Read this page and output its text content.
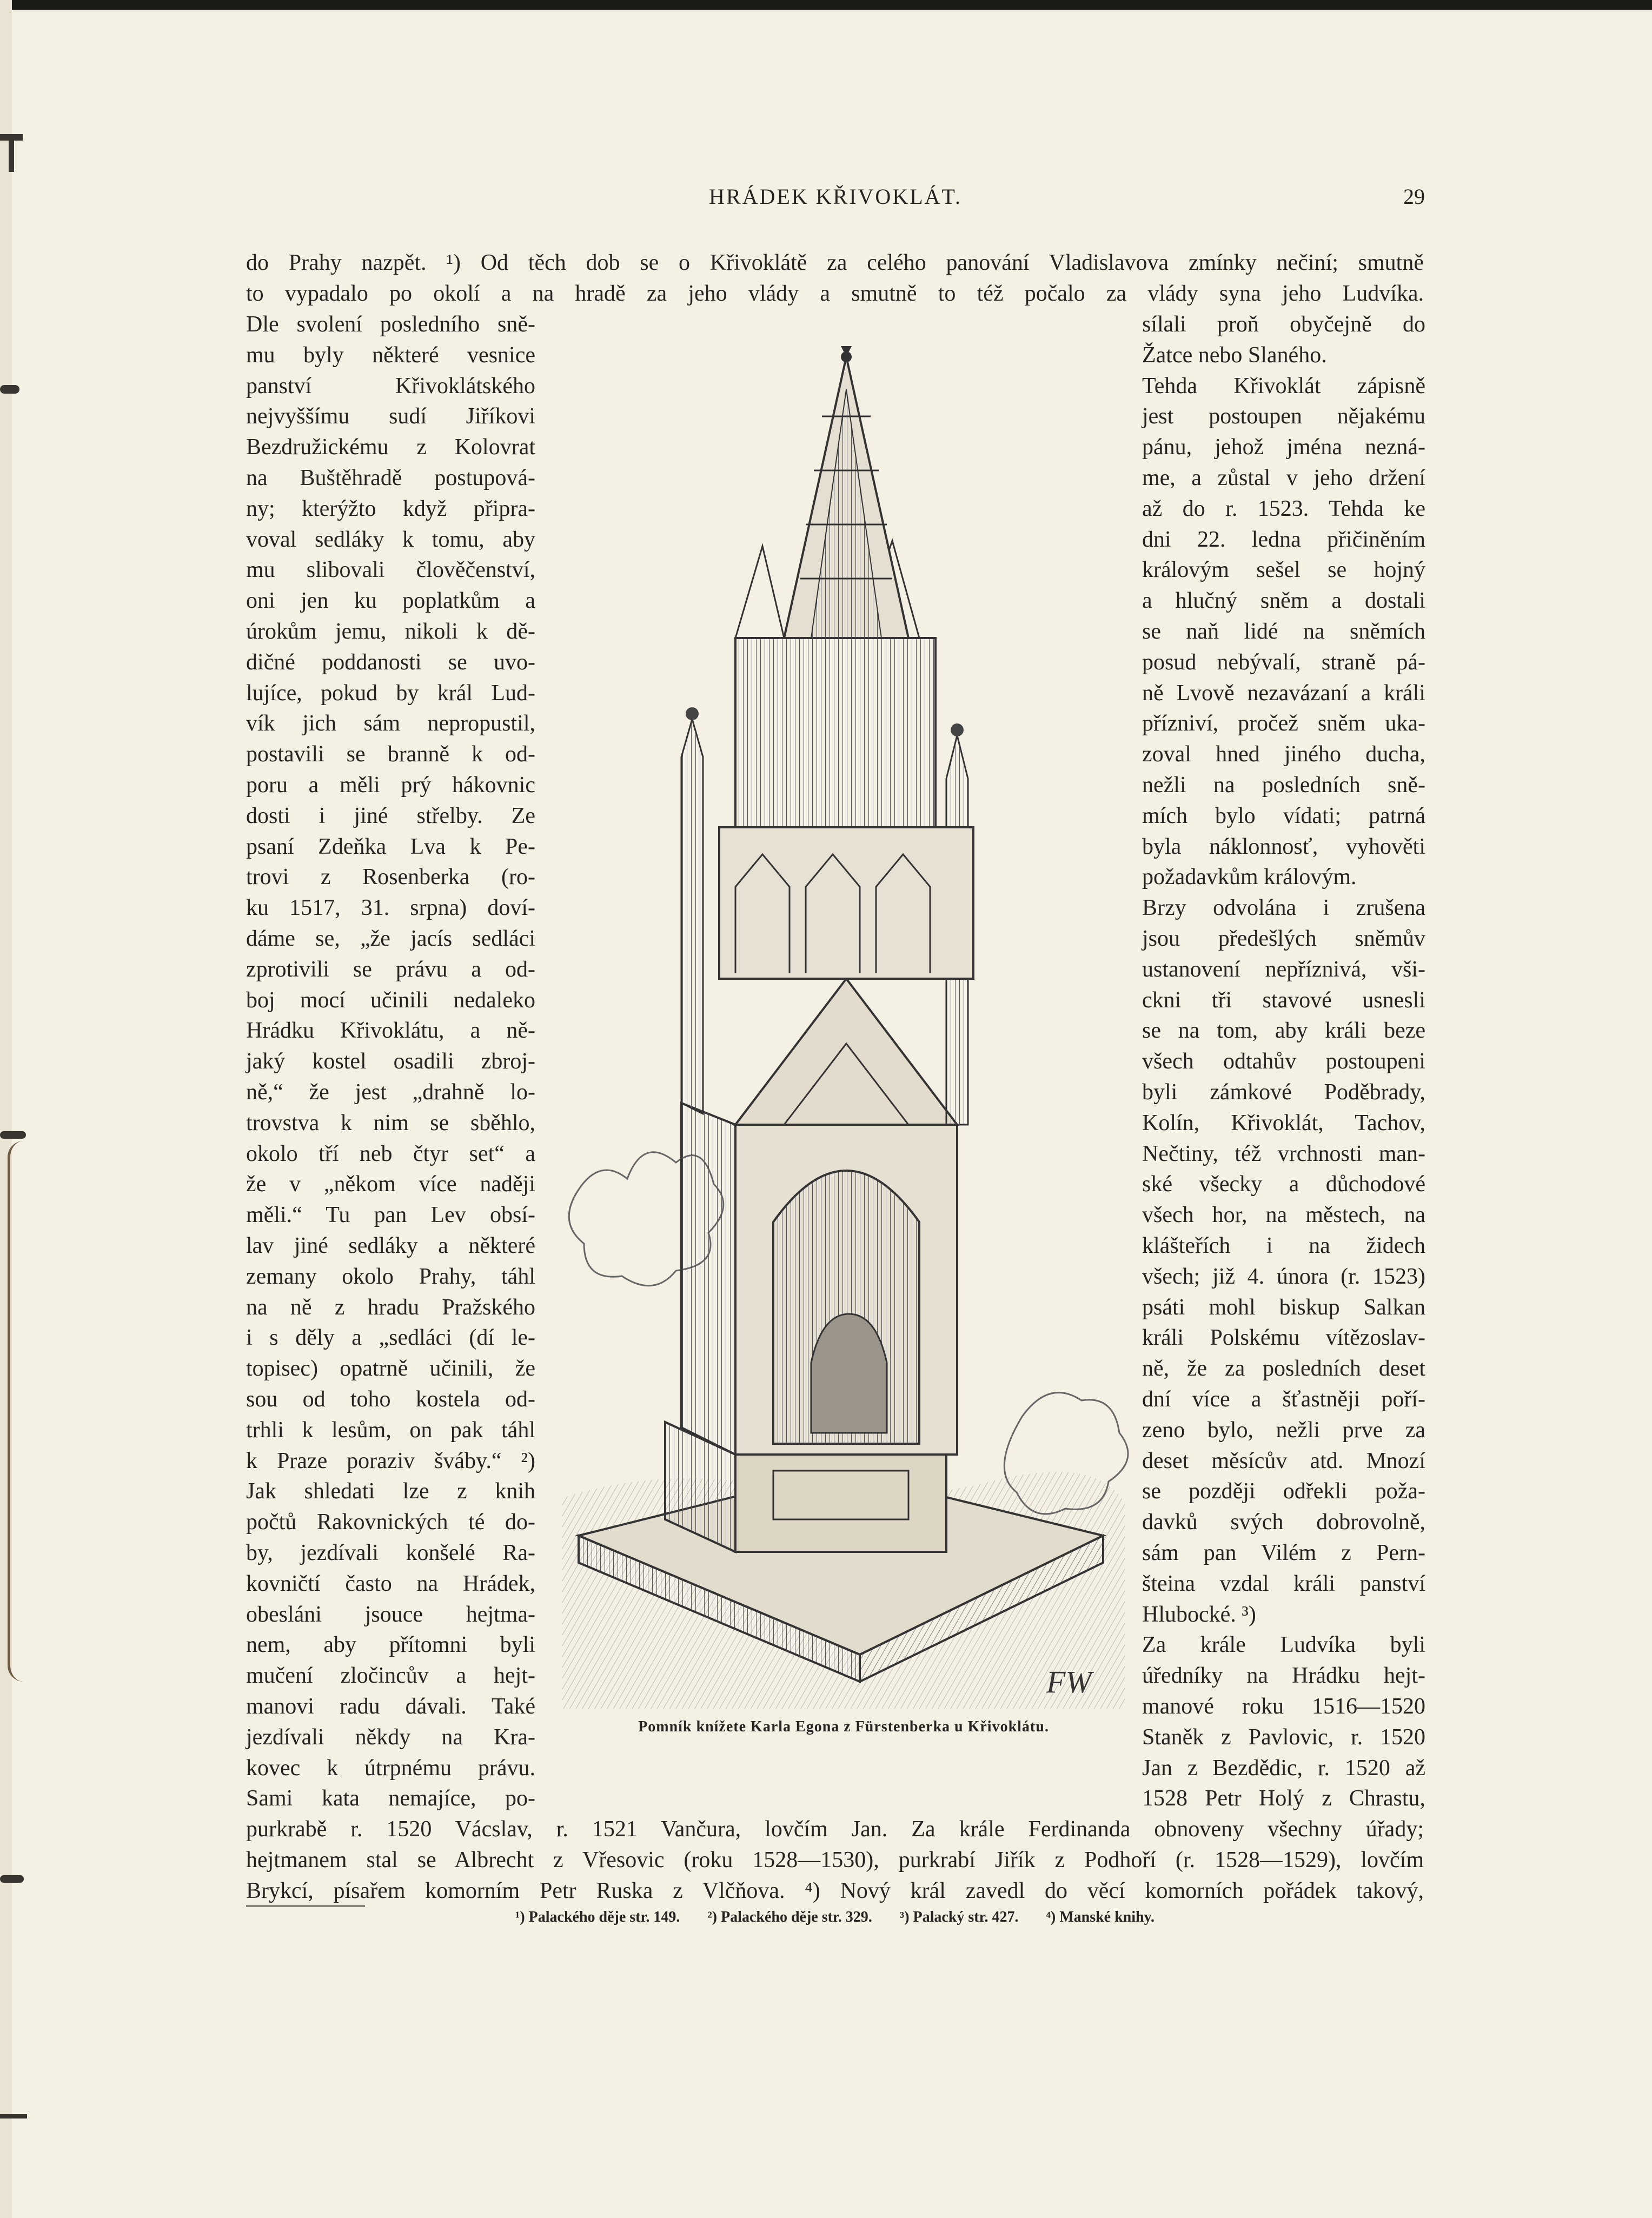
HRÁDEK KŘIVOKLÁT.	29
do Prahy nazpět. ¹) Od těch dob se o Křivoklátě za celého panování Vladislavova zmínky nečiní; smutně
to vypadalo po okolí a na hradě za jeho vlády a smutně to též počalo za vlády syna jeho Ludvíka.
Dle svolení posledního sně-
mu byly některé vesnice
panství Křivoklátského
nejvyššímu sudí Jiříkovi
Bezdružickému z Kolovrat
na Buštěhradě postupová-
ny; kterýžto když připra-
voval sedláky k tomu, aby
mu slibovali člověčenství,
oni jen ku poplatkům a
úrokům jemu, nikoli k dě-
dičné poddanosti se uvo-
lujíce, pokud by král Lud-
vík jich sám nepropustil,
postavili se branně k od-
poru a měli prý hákovnic
dosti i jiné střelby. Ze
psaní Zdeňka Lva k Pe-
trovi z Rosenberka (ro-
ku 1517, 31. srpna) doví-
dáme se, „že jacís sedláci
zprotivili se právu a od-
boj mocí učinili nedaleko
Hrádku Křivoklátu, a ně-
jaký kostel osadili zbroj-
ně,“ že jest „drahně lo-
trovstva k nim se sběhlo,
okolo tří neb čtyr set“ a
že v „někom více naději
měli.“ Tu pan Lev obsí-
lav jiné sedláky a některé
zemany okolo Prahy, táhl
na ně z hradu Pražského
i s děly a „sedláci (dí le-
topisec) opatrně učinili, že
sou od toho kostela od-
trhli k lesům, on pak táhl
k Praze poraziv šváby.“ ²)
Jak shledati lze z knih
počtů Rakovnických té do-
by, jezdívali konšelé Ra-
kovničtí často na Hrádek,
obesláni jsouce hejtma-
nem, aby přítomni byli
mučení zločincův a hejt-
manovi radu dávali. Také
jezdívali někdy na Kra-
kovec k útrpnému právu.
Sami kata nemajíce, po-
sílali proň obyčejně do
Žatce nebo Slaného.
Tehda Křivoklát zápisně
jest postoupen nějakému
pánu, jehož jména nezná-
me, a zůstal v jeho držení
až do r. 1523. Tehda ke
dni 22. ledna přičiněním
královým sešel se hojný
a hlučný sněm a dostali
se naň lidé na sněmích
posud nebývalí, straně pá-
ně Lvově nezavázaní a králi
přízniví, pročež sněm uka-
zoval hned jiného ducha,
nežli na posledních sně-
mích bylo vídati; patrná
byla náklonnosť, vyhověti
požadavkům královým.
Brzy odvolána i zrušena
jsou předešlých sněmův
ustanovení nepříznivá, vši-
ckni tři stavové usnesli
se na tom, aby králi beze
všech odtahův postoupeni
byli zámkové Poděbrady,
Kolín, Křivoklát, Tachov,
Nečtiny, též vrchnosti man-
ské všecky a důchodové
všech hor, na městech, na
klášteřích i na židech
všech; již 4. února (r. 1523)
psáti mohl biskup Salkan
králi Polskému vítězoslav-
ně, že za posledních deset
dní více a šťastněji poří-
zeno bylo, nežli prve za
deset měsícův atd. Mnozí
se později odřekli poža-
davků svých dobrovolně,
sám pan Vilém z Pern-
šteina vzdal králi panství
Hlubocké. ³)
Za krále Ludvíka byli
úředníky na Hrádku hejt-
manové roku 1516—1520
Staněk z Pavlovic, r. 1520
Jan z Bezdědic, r. 1520 až
1528 Petr Holý z Chrastu,
purkrabě r. 1520 Vácslav, r. 1521 Vančura, lovčím Jan. Za krále Ferdinanda obnoveny všechny úřady;
hejtmanem stal se Albrecht z Vřesovic (roku 1528—1530), purkrabí Jiřík z Podhoří (r. 1528—1529), lovčím
Brykcí, písařem komorním Petr Ruska z Vlčňova. ⁴) Nový král zavedl do věcí komorních pořádek takový,
FW
Pomník knížete Karla Egona z Fürstenberka u Křivoklátu.
¹) Palackého děje str. 149. ²) Palackého děje str. 329. ³) Palacký str. 427. ⁴) Manské knihy.
